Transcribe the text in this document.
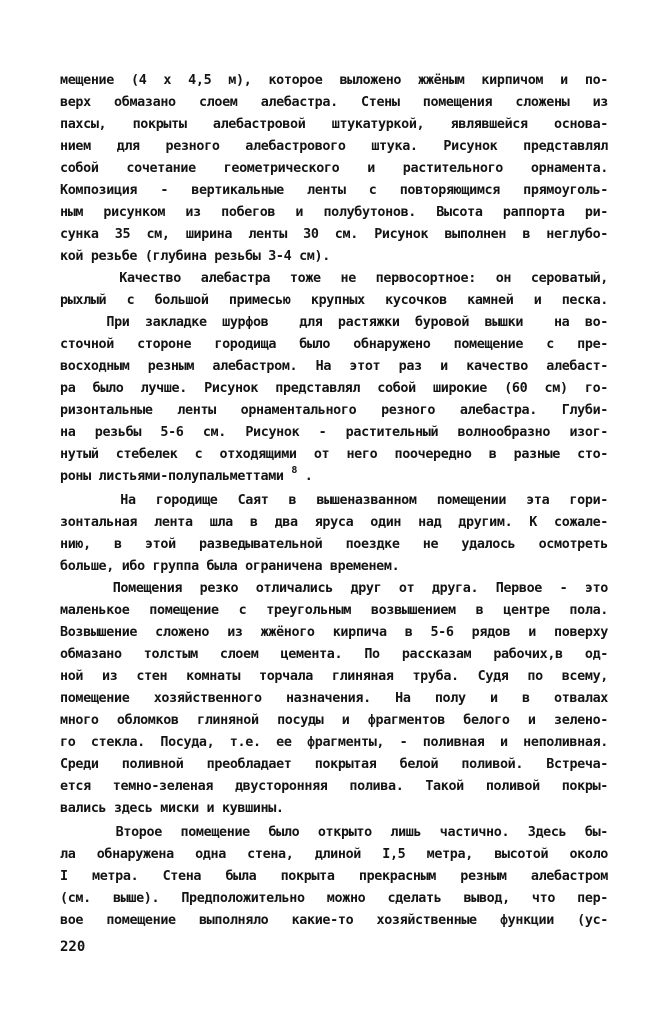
мещение (4 х 4,5 м), которое выложено жжёным кирпичом и по-
верх обмазано слоем алебастра. Стены помещения сложены из
пахсы, покрыты алебастровой штукатуркой, являвшейся основа-
нием для резного алебастрового штука. Рисунок представлял
собой сочетание геометрического и растительного орнамента.
Композиция - вертикальные ленты с повторяющимся прямоуголь-
ным рисунком из побегов и полубутонов. Высота раппорта ри-
сунка 35 см, ширина ленты 30 см. Рисунок выполнен в неглубо-
кой резьбе (глубина резьбы 3-4 см).
Качество алебастра тоже не первосортное: он сероватый,
рыхлый с большой примесью крупных кусочков камней и песка.
При закладке шурфов  для растяжки буровой вышки  на во-
сточной стороне городища было обнаружено помещение с пре-
восходным резным алебастром. На этот раз и качество алебаст-
ра было лучше. Рисунок представлял собой широкие (60 см) го-
ризонтальные ленты орнаментального резного алебастра. Глуби-
на резьбы 5-6 см. Рисунок - растительный волнообразно изог-
нутый стебелек с отходящими от него поочередно в разные сто-
роны листьями-полупальметтами $^8$ .
На городище Саят в вышеназванном помещении эта гори-
зонтальная лента шла в два яруса один над другим. К сожале-
нию, в этой разведывательной поездке не удалось осмотреть
больше, ибо группа была ограничена временем.
Помещения резко отличались друг от друга. Первое - это
маленькое помещение с треугольным возвышением в центре пола.
Возвышение сложено из жжёного кирпича в 5-6 рядов и поверху
обмазано толстым слоем цемента. По рассказам рабочих,в од-
ной из стен комнаты торчала глиняная труба. Судя по всему,
помещение хозяйственного назначения. На полу и в отвалах
много обломков глиняной посуды и фрагментов белого и зелено-
го стекла. Посуда, т.е. ее фрагменты, - поливная и неполивная.
Среди поливной преобладает покрытая белой поливой. Встреча-
ется темно-зеленая двусторонняя полива. Такой поливой покры-
вались здесь миски и кувшины.
Второе помещение было открыто лишь частично. Здесь бы-
ла обнаружена одна стена, длиной I,5 метра, высотой около
I метра. Стена была покрыта прекрасным резным алебастром
(см. выше). Предположительно можно сделать вывод, что пер-
вое помещение выполняло какие-то хозяйственные функции (ус-
220
